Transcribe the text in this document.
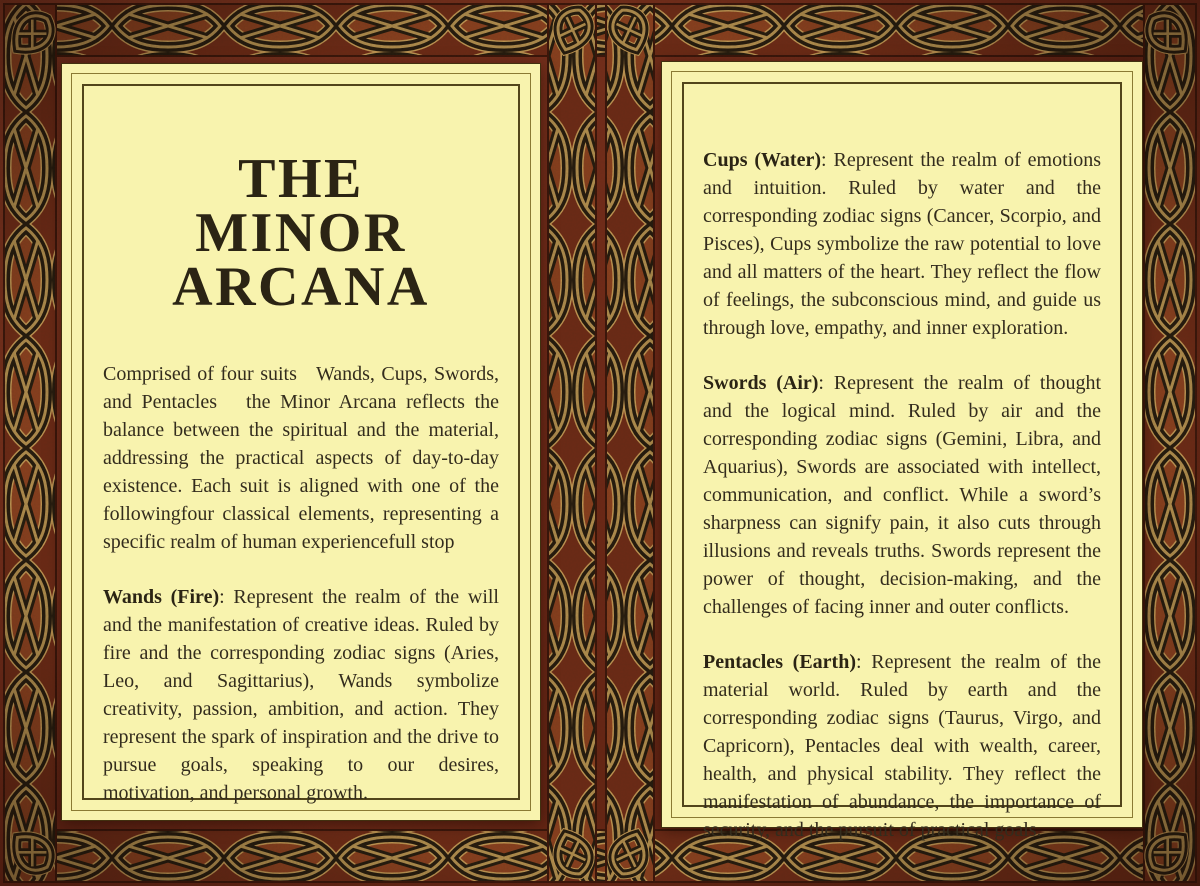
THE
MINOR
ARCANA

Comprised of four suits   Wands, Cups, Swords, and Pentacles   the Minor Arcana reflects the balance between the spiritual and the material, addressing the practical aspects of day-to-day existence. Each suit is aligned with one of the followingfour classical elements, representing a specific realm of human experiencefull stop

Wands (Fire): Represent the realm of the will and the manifestation of creative ideas. Ruled by fire and the corresponding zodiac signs (Aries, Leo, and Sagittarius), Wands symbolize creativity, passion, ambition, and action. They represent the spark of inspiration and the drive to pursue goals, speaking to our desires, motivation, and personal growth.

Cups (Water): Represent the realm of emotions and intuition. Ruled by water and the corresponding zodiac signs (Cancer, Scorpio, and Pisces), Cups symbolize the raw potential to love and all matters of the heart. They reflect the flow of feelings, the subconscious mind, and guide us through love, empathy, and inner exploration.

Swords (Air): Represent the realm of thought and the logical mind. Ruled by air and the corresponding zodiac signs (Gemini, Libra, and Aquarius), Swords are associated with intellect, communication, and conflict. While a sword’s sharpness can signify pain, it also cuts through illusions and reveals truths. Swords represent the power of thought, decision-making, and the challenges of facing inner and outer conflicts.

Pentacles (Earth): Represent the realm of the material world. Ruled by earth and the corresponding zodiac signs (Taurus, Virgo, and Capricorn), Pentacles deal with wealth, career, health, and physical stability. They reflect the manifestation of abundance, the importance of security, and the pursuit of practical goals.
